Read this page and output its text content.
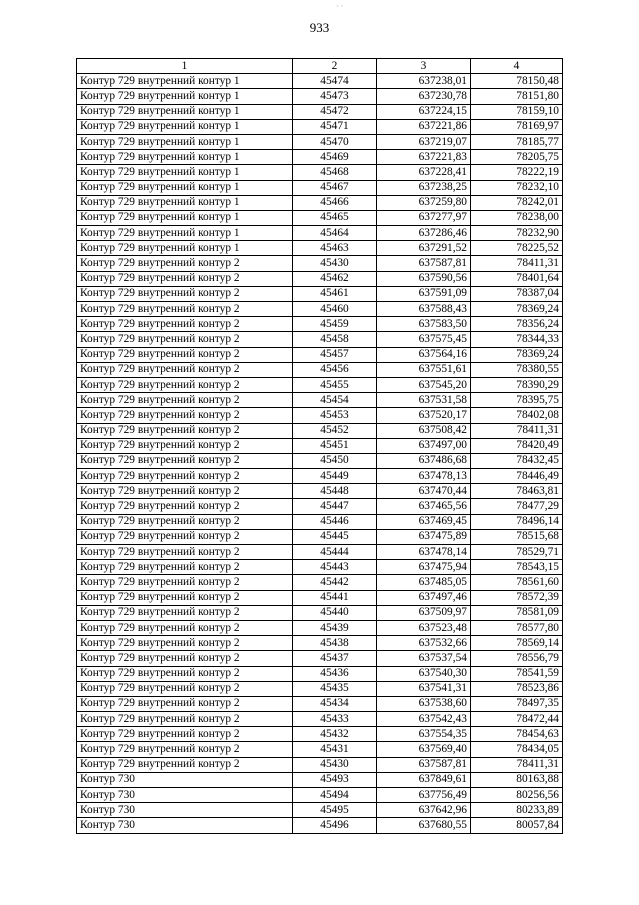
· ·
933
1	2	3	4
Контур 729 внутренний контур 1	45474	637238,01	78150,48
Контур 729 внутренний контур 1	45473	637230,78	78151,80
Контур 729 внутренний контур 1	45472	637224,15	78159,10
Контур 729 внутренний контур 1	45471	637221,86	78169,97
Контур 729 внутренний контур 1	45470	637219,07	78185,77
Контур 729 внутренний контур 1	45469	637221,83	78205,75
Контур 729 внутренний контур 1	45468	637228,41	78222,19
Контур 729 внутренний контур 1	45467	637238,25	78232,10
Контур 729 внутренний контур 1	45466	637259,80	78242,01
Контур 729 внутренний контур 1	45465	637277,97	78238,00
Контур 729 внутренний контур 1	45464	637286,46	78232,90
Контур 729 внутренний контур 1	45463	637291,52	78225,52
Контур 729 внутренний контур 2	45430	637587,81	78411,31
Контур 729 внутренний контур 2	45462	637590,56	78401,64
Контур 729 внутренний контур 2	45461	637591,09	78387,04
Контур 729 внутренний контур 2	45460	637588,43	78369,24
Контур 729 внутренний контур 2	45459	637583,50	78356,24
Контур 729 внутренний контур 2	45458	637575,45	78344,33
Контур 729 внутренний контур 2	45457	637564,16	78369,24
Контур 729 внутренний контур 2	45456	637551,61	78380,55
Контур 729 внутренний контур 2	45455	637545,20	78390,29
Контур 729 внутренний контур 2	45454	637531,58	78395,75
Контур 729 внутренний контур 2	45453	637520,17	78402,08
Контур 729 внутренний контур 2	45452	637508,42	78411,31
Контур 729 внутренний контур 2	45451	637497,00	78420,49
Контур 729 внутренний контур 2	45450	637486,68	78432,45
Контур 729 внутренний контур 2	45449	637478,13	78446,49
Контур 729 внутренний контур 2	45448	637470,44	78463,81
Контур 729 внутренний контур 2	45447	637465,56	78477,29
Контур 729 внутренний контур 2	45446	637469,45	78496,14
Контур 729 внутренний контур 2	45445	637475,89	78515,68
Контур 729 внутренний контур 2	45444	637478,14	78529,71
Контур 729 внутренний контур 2	45443	637475,94	78543,15
Контур 729 внутренний контур 2	45442	637485,05	78561,60
Контур 729 внутренний контур 2	45441	637497,46	78572,39
Контур 729 внутренний контур 2	45440	637509,97	78581,09
Контур 729 внутренний контур 2	45439	637523,48	78577,80
Контур 729 внутренний контур 2	45438	637532,66	78569,14
Контур 729 внутренний контур 2	45437	637537,54	78556,79
Контур 729 внутренний контур 2	45436	637540,30	78541,59
Контур 729 внутренний контур 2	45435	637541,31	78523,86
Контур 729 внутренний контур 2	45434	637538,60	78497,35
Контур 729 внутренний контур 2	45433	637542,43	78472,44
Контур 729 внутренний контур 2	45432	637554,35	78454,63
Контур 729 внутренний контур 2	45431	637569,40	78434,05
Контур 729 внутренний контур 2	45430	637587,81	78411,31
Контур 730	45493	637849,61	80163,88
Контур 730	45494	637756,49	80256,56
Контур 730	45495	637642,96	80233,89
Контур 730	45496	637680,55	80057,84
